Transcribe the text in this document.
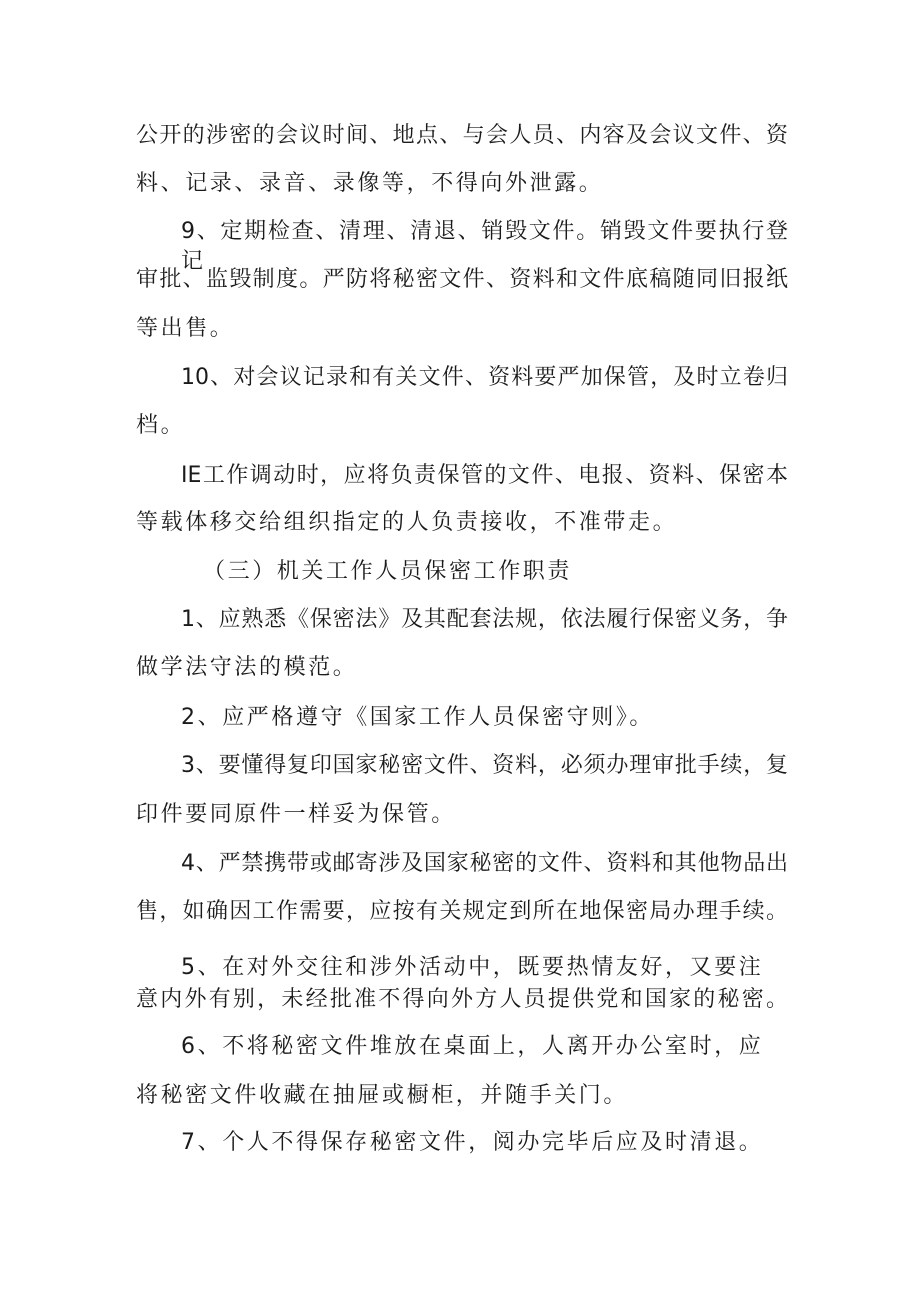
公开的涉密的会议时间、地点、与会人员、内容及会议文件、资
料、记录、录音、录像等，不得向外泄露。
9、定期检查、清理、清退、销毁文件。销毁文件要执行登记、
审批、监毁制度。严防将秘密文件、资料和文件底稿随同旧报纸
等出售。
10、对会议记录和有关文件、资料要严加保管，及时立卷归
档。
IE工作调动时，应将负责保管的文件、电报、资料、保密本
等载体移交给组织指定的人负责接收，不准带走。
（三）机关工作人员保密工作职责
1、应熟悉《保密法》及其配套法规，依法履行保密义务，争
做学法守法的模范。
2、应严格遵守《国家工作人员保密守则》。
3、要懂得复印国家秘密文件、资料，必须办理审批手续，复
印件要同原件一样妥为保管。
4、严禁携带或邮寄涉及国家秘密的文件、资料和其他物品出
售，如确因工作需要，应按有关规定到所在地保密局办理手续。
5、在对外交往和涉外活动中，既要热情友好，又要注
意内外有别，未经批准不得向外方人员提供党和国家的秘密。
6、不将秘密文件堆放在桌面上，人离开办公室时，应
将秘密文件收藏在抽屉或橱柜，并随手关门。
7、个人不得保存秘密文件，阅办完毕后应及时清退。
